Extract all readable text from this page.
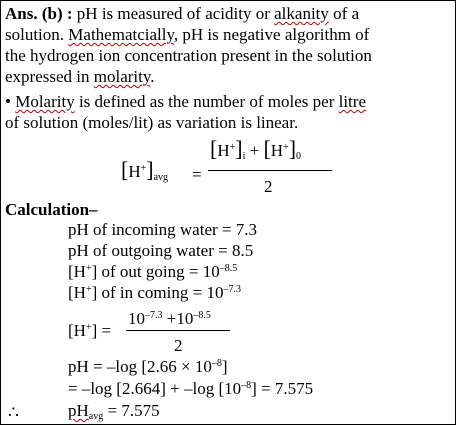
Ans. (b) : pH is measured of acidity or alkanity of a
solution. Mathematcially, pH is negative algorithm of
the hydrogen ion concentration present in the solution
expressed in molarity.
• Molarity is defined as the number of moles per litre
of solution (moles/lit) as variation is linear.
$[H^+]_{avg}$ =
$[H^+]_i + [H^+]_0$
2
Calculation–
pH of incoming water = 7.3
pH of outgoing water = 8.5
[H+] of out going = $10^{-8.5}$
[H+] of in $coming = 10^{-7.3}$
[H+] =
$10^{-7.3} +10^{-8.5}$
2
pH = –log $[2.66 \times 10^{-8}]$
= –log [2.664] + –log $[10^{-8}] = 7.575$
∴	$pH_{avg} = 7.575$
